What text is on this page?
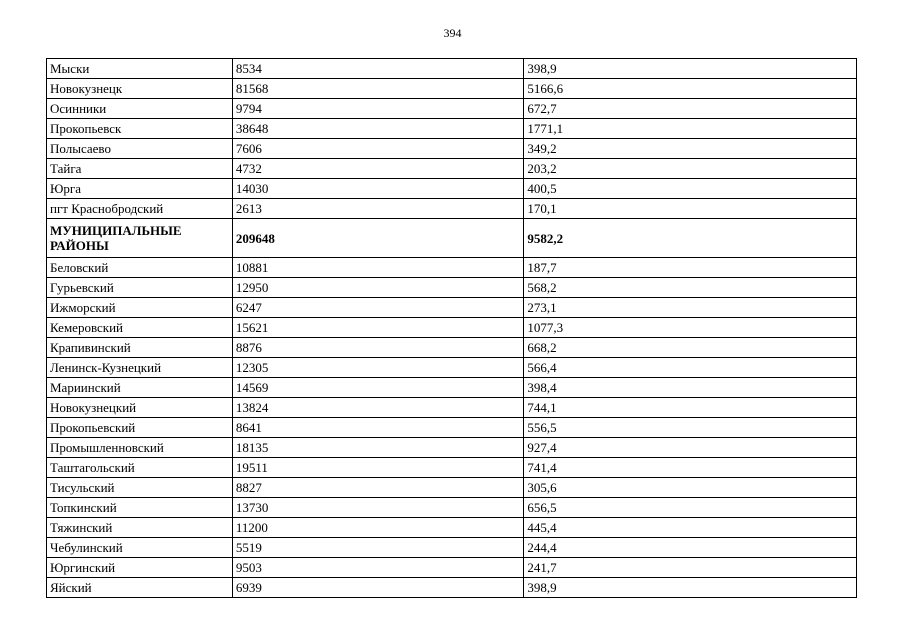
394
Мыски	8534	398,9
Новокузнецк	81568	5166,6
Осинники	9794	672,7
Прокопьевск	38648	1771,1
Полысаево	7606	349,2
Тайга	4732	203,2
Юрга	14030	400,5
пгт Краснобродский	2613	170,1
МУНИЦИПАЛЬНЫЕ РАЙОНЫ	209648	9582,2
Беловский	10881	187,7
Гурьевский	12950	568,2
Ижморский	6247	273,1
Кемеровский	15621	1077,3
Крапивинский	8876	668,2
Ленинск-Кузнецкий	12305	566,4
Мариинский	14569	398,4
Новокузнецкий	13824	744,1
Прокопьевский	8641	556,5
Промышленновский	18135	927,4
Таштагольский	19511	741,4
Тисульский	8827	305,6
Топкинский	13730	656,5
Тяжинский	11200	445,4
Чебулинский	5519	244,4
Юргинский	9503	241,7
Яйский	6939	398,9
